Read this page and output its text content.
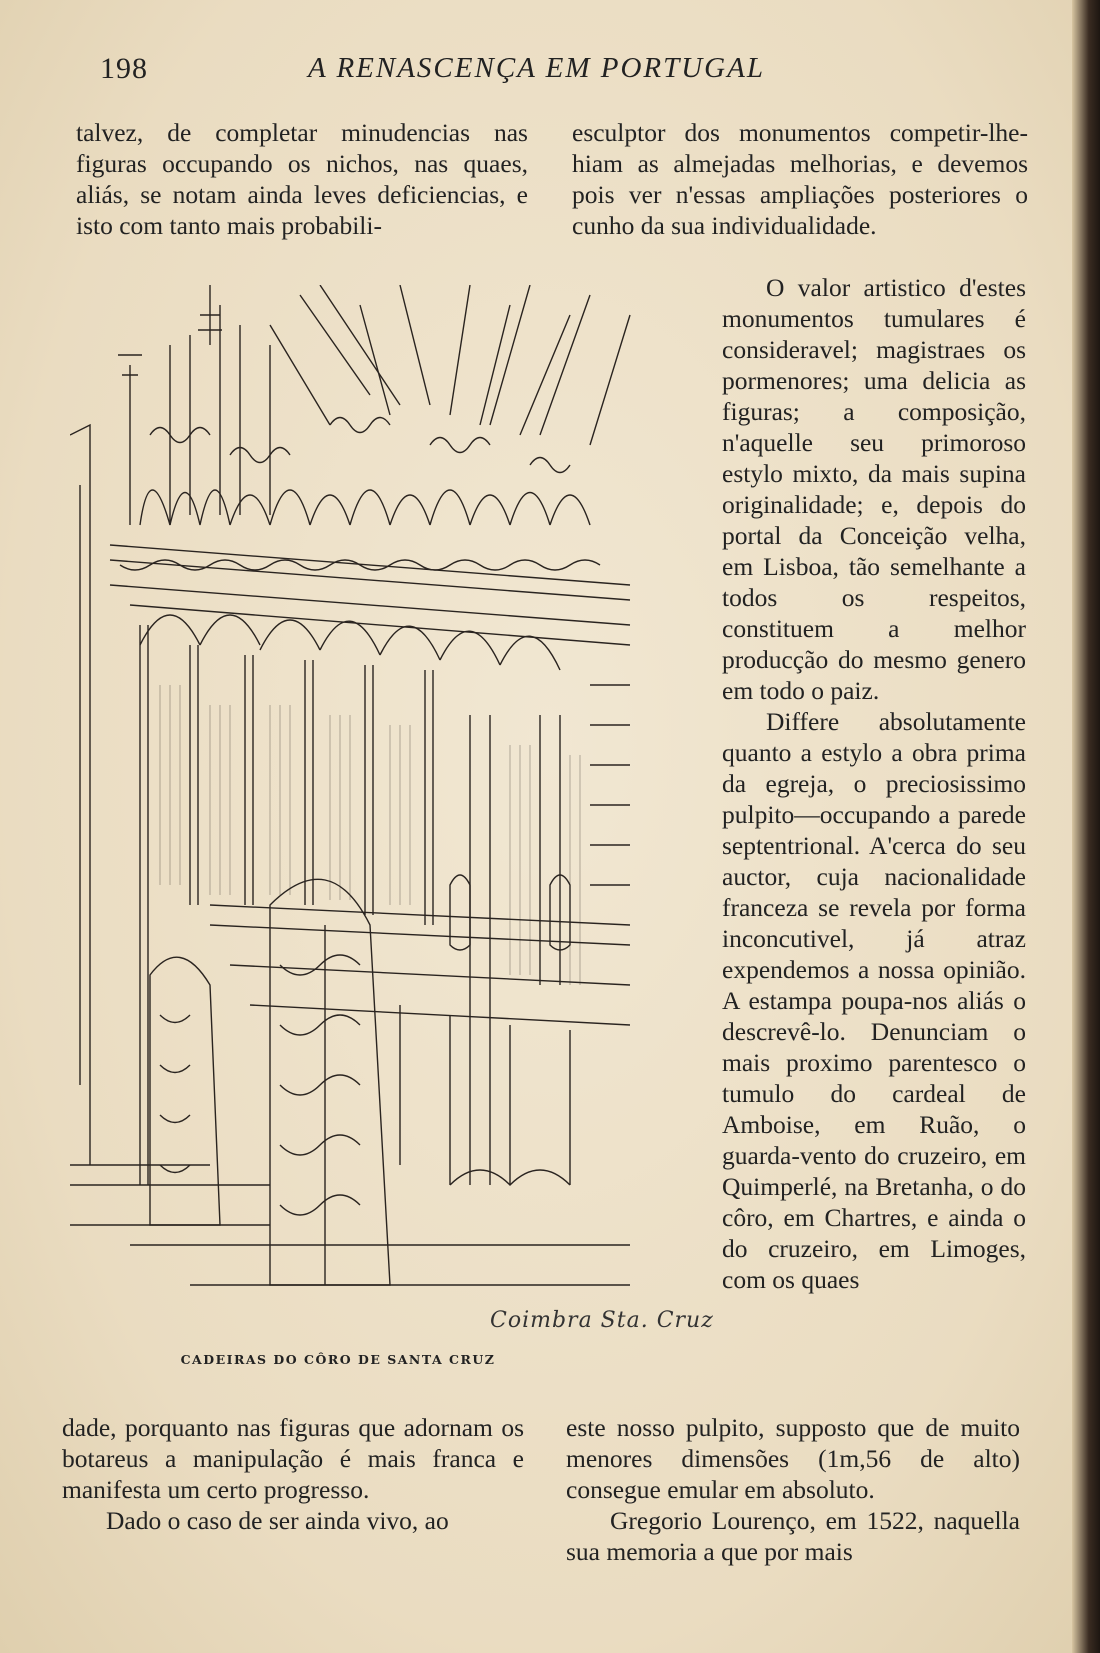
198	A RENASCENÇA EM PORTUGAL

talvez, de completar minudencias nas figuras occupando os nichos, nas quaes, aliás, se notam ainda leves deficiencias, e isto com tanto mais probabili-

esculptor dos monumentos competir-lhe-hiam as almejadas melhorias, e devemos pois ver n'essas ampliações posteriores o cunho da sua individualidade.

O valor artistico d'estes monumentos tumulares é consideravel; magistraes os pormenores; uma delicia as figuras; a composição, n'aquelle seu primoroso estylo mixto, da mais supina originalidade; e, depois do portal da Conceição velha, em Lisboa, tão semelhante a todos os respeitos, constituem a melhor producção do mesmo genero em todo o paiz.

Differe absolutamente quanto a estylo a obra prima da egreja, o preciosissimo pulpito—occupando a parede septentrional. A'cerca do seu auctor, cuja nacionalidade franceza se revela por forma inconcutivel, já atraz expendemos a nossa opinião. A estampa poupa-nos aliás o descrevê-lo. Denunciam o mais proximo parentesco o tumulo do cardeal de Amboise, em Ruão, o guarda-vento do cruzeiro, em Quimperlé, na Bretanha, o do côro, em Chartres, e ainda o do cruzeiro, em Limoges, com os quaes

Coimbra Sta. Cruz
CADEIRAS DO CÔRO DE SANTA CRUZ

dade, porquanto nas figuras que adornam os botareus a manipulação é mais franca e manifesta um certo progresso.

Dado o caso de ser ainda vivo, ao

este nosso pulpito, supposto que de muito menores dimensões (1m,56 de alto) consegue emular em absoluto.

Gregorio Lourenço, em 1522, naquella sua memoria a que por mais
